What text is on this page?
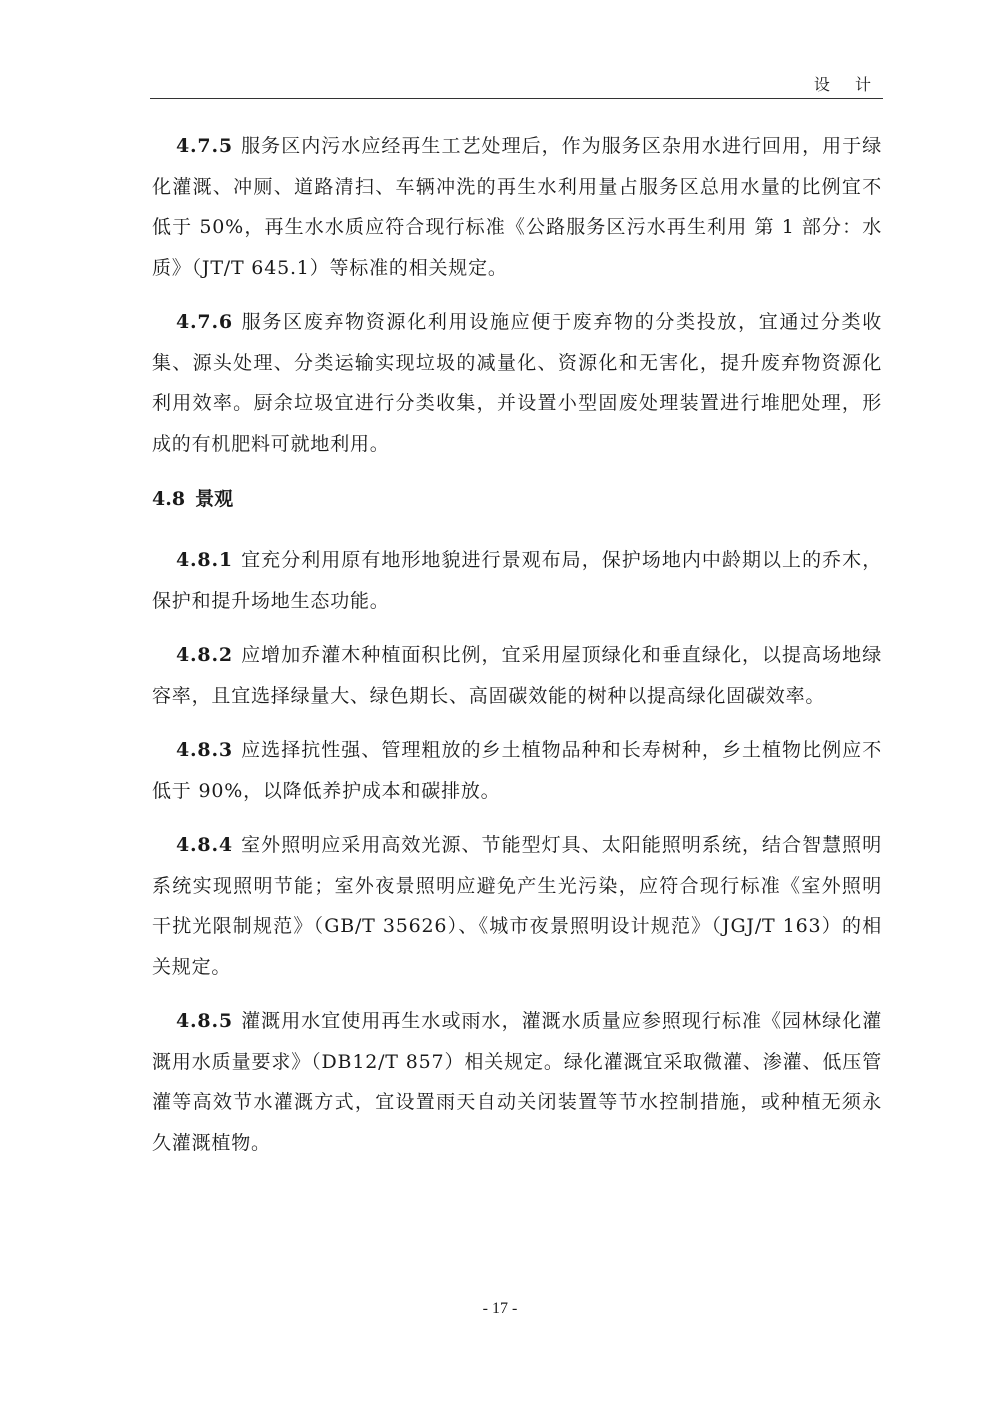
设 计

4.7.5 服务区内污水应经再生工艺处理后，作为服务区杂用水进行回用，用于绿化灌溉、冲厕、道路清扫、车辆冲洗的再生水利用量占服务区总用水量的比例宜不低于 50%，再生水水质应符合现行标准《公路服务区污水再生利用 第 1 部分：水质》（JT/T 645.1）等标准的相关规定。

4.7.6 服务区废弃物资源化利用设施应便于废弃物的分类投放，宜通过分类收集、源头处理、分类运输实现垃圾的减量化、资源化和无害化，提升废弃物资源化利用效率。厨余垃圾宜进行分类收集，并设置小型固废处理装置进行堆肥处理，形成的有机肥料可就地利用。

4.8 景观

4.8.1 宜充分利用原有地形地貌进行景观布局，保护场地内中龄期以上的乔木，保护和提升场地生态功能。

4.8.2 应增加乔灌木种植面积比例，宜采用屋顶绿化和垂直绿化，以提高场地绿容率，且宜选择绿量大、绿色期长、高固碳效能的树种以提高绿化固碳效率。

4.8.3 应选择抗性强、管理粗放的乡土植物品种和长寿树种，乡土植物比例应不低于 90%，以降低养护成本和碳排放。

4.8.4 室外照明应采用高效光源、节能型灯具、太阳能照明系统，结合智慧照明系统实现照明节能；室外夜景照明应避免产生光污染，应符合现行标准《室外照明干扰光限制规范》（GB/T 35626）、《城市夜景照明设计规范》（JGJ/T 163）的相关规定。

4.8.5 灌溉用水宜使用再生水或雨水，灌溉水质量应参照现行标准《园林绿化灌溉用水质量要求》（DB12/T 857）相关规定。绿化灌溉宜采取微灌、渗灌、低压管灌等高效节水灌溉方式，宜设置雨天自动关闭装置等节水控制措施，或种植无须永久灌溉植物。

- 17 -
